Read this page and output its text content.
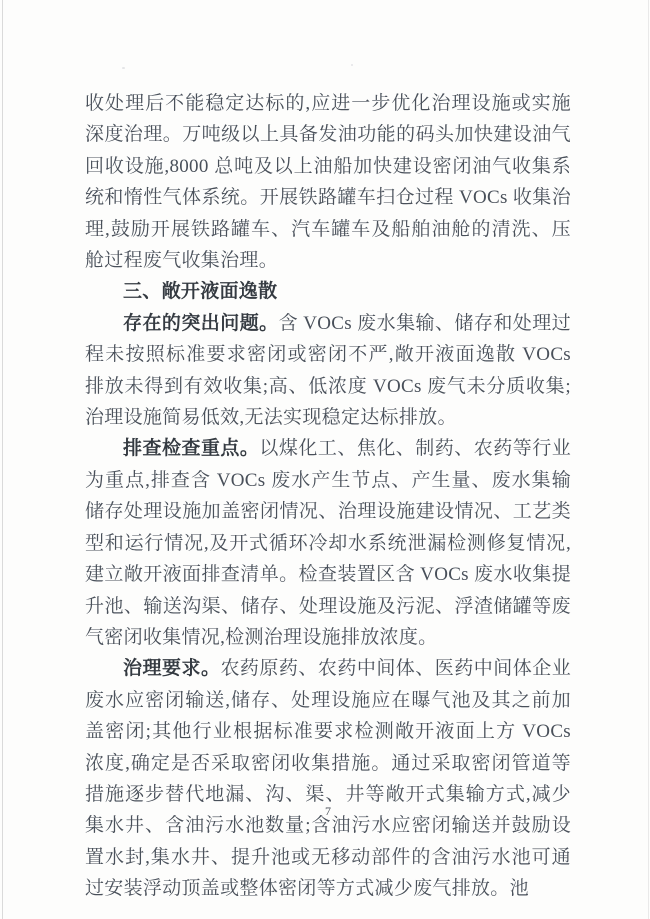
收处理后不能稳定达标的,应进一步优化治理设施或实施深度治理。万吨级以上具备发油功能的码头加快建设油气回收设施,8000 总吨及以上油船加快建设密闭油气收集系统和惰性气体系统。开展铁路罐车扫仓过程 VOCs 收集治理,鼓励开展铁路罐车、汽车罐车及船舶油舱的清洗、压舱过程废气收集治理。

三、敞开液面逸散

存在的突出问题。含 VOCs 废水集输、储存和处理过程未按照标准要求密闭或密闭不严,敞开液面逸散 VOCs 排放未得到有效收集;高、低浓度 VOCs 废气未分质收集;治理设施简易低效,无法实现稳定达标排放。

排查检查重点。以煤化工、焦化、制药、农药等行业为重点,排查含 VOCs 废水产生节点、产生量、废水集输储存处理设施加盖密闭情况、治理设施建设情况、工艺类型和运行情况,及开式循环冷却水系统泄漏检测修复情况,建立敞开液面排查清单。检查装置区含 VOCs 废水收集提升池、输送沟渠、储存、处理设施及污泥、浮渣储罐等废气密闭收集情况,检测治理设施排放浓度。

治理要求。农药原药、农药中间体、医药中间体企业废水应密闭输送,储存、处理设施应在曝气池及其之前加盖密闭;其他行业根据标准要求检测敞开液面上方 VOCs 浓度,确定是否采取密闭收集措施。通过采取密闭管道等措施逐步替代地漏、沟、渠、井等敞开式集输方式,减少集水井、含油污水池数量;含油污水应密闭输送并鼓励设置水封,集水井、提升池或无移动部件的含油污水池可通过安装浮动顶盖或整体密闭等方式减少废气排放。池

7
